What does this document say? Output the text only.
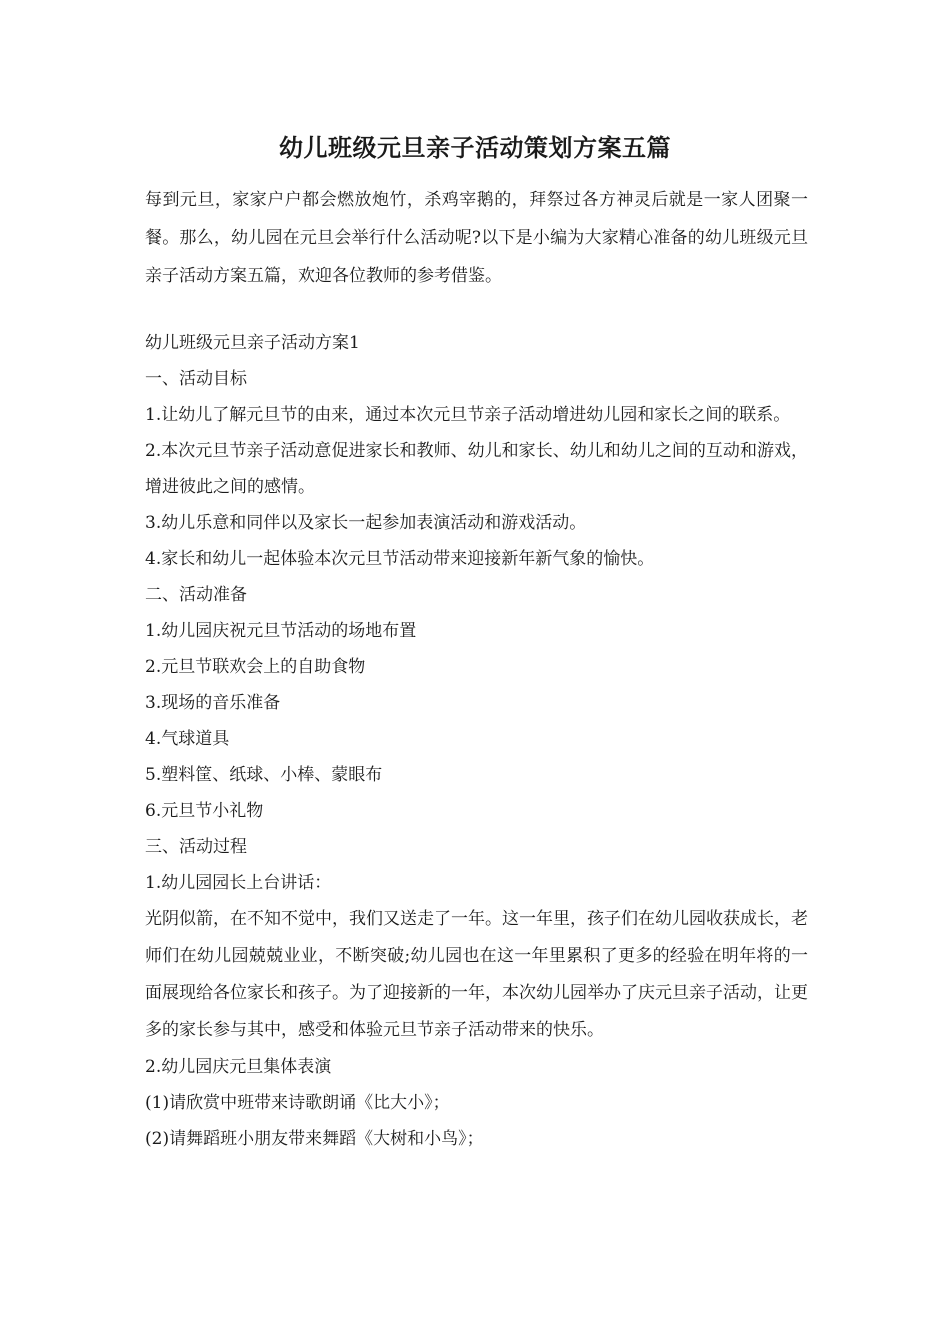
幼儿班级元旦亲子活动策划方案五篇

每到元旦，家家户户都会燃放炮竹，杀鸡宰鹅的，拜祭过各方神灵后就是一家人团聚一餐。那么，幼儿园在元旦会举行什么活动呢?以下是小编为大家精心准备的幼儿班级元旦亲子活动方案五篇，欢迎各位教师的参考借鉴。

幼儿班级元旦亲子活动方案1

一、活动目标

1.让幼儿了解元旦节的由来，通过本次元旦节亲子活动增进幼儿园和家长之间的联系。

2.本次元旦节亲子活动意促进家长和教师、幼儿和家长、幼儿和幼儿之间的互动和游戏，增进彼此之间的感情。

3.幼儿乐意和同伴以及家长一起参加表演活动和游戏活动。

4.家长和幼儿一起体验本次元旦节活动带来迎接新年新气象的愉快。

二、活动准备

1.幼儿园庆祝元旦节活动的场地布置

2.元旦节联欢会上的自助食物

3.现场的音乐准备

4.气球道具

5.塑料筐、纸球、小棒、蒙眼布

6.元旦节小礼物

三、活动过程

1.幼儿园园长上台讲话：

光阴似箭，在不知不觉中，我们又送走了一年。这一年里，孩子们在幼儿园收获成长，老师们在幼儿园兢兢业业，不断突破;幼儿园也在这一年里累积了更多的经验在明年将的一面展现给各位家长和孩子。为了迎接新的一年，本次幼儿园举办了庆元旦亲子活动，让更多的家长参与其中，感受和体验元旦节亲子活动带来的快乐。

2.幼儿园庆元旦集体表演

(1)请欣赏中班带来诗歌朗诵《比大小》；

(2)请舞蹈班小朋友带来舞蹈《大树和小鸟》；
